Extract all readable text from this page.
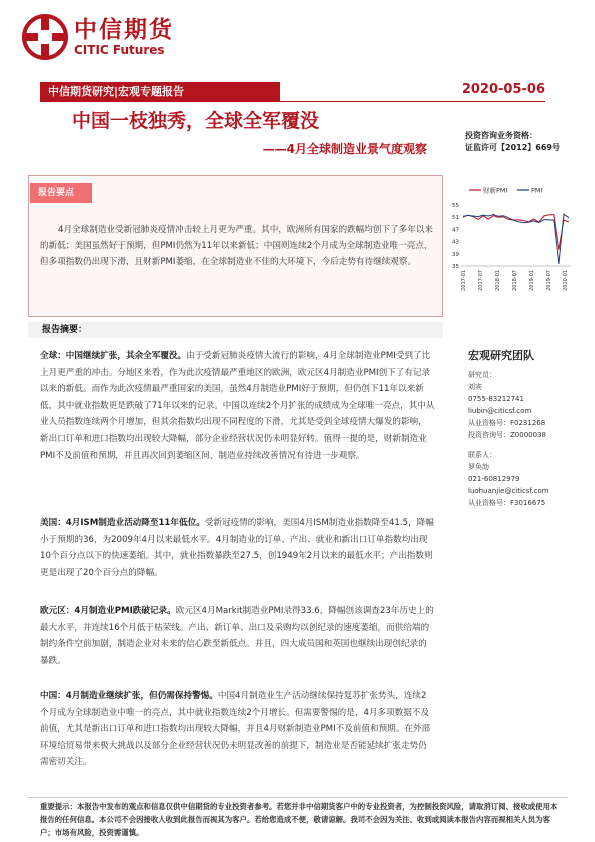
中信期货
CITIC Futures
中信期货研究|宏观专题报告	2020-05-06
中国一枝独秀，全球全军覆没
——4月全球制造业景气度观察
投资咨询业务资格：
证监许可【2012】669号
报告要点
4月全球制造业受新冠肺炎疫情冲击较上月更为严重。其中，欧洲所有国家的跌幅均创下了多年以来的新低；美国虽然好于预期，但PMI仍然为11年以来新低；中国则连续2个月成为全球制造业唯一亮点，但多项指数仍出现下滑，且财新PMI萎缩，在全球制造业不佳的大环境下，今后走势有待继续观察。
财新PMI	PMI
55
51
47
43
39
35
2017-01 2017-07 2018-01 2018-07 2019-01 2019-07 2020-01
报告摘要：
全球：中国继续扩张，其余全军覆没。由于受新冠肺炎疫情大流行的影响，4月全球制造业PMI受到了比上月更严重的冲击。分地区来看，作为此次疫情最严重地区的欧洲，欧元区4月制造业PMI创下了有记录以来的新低。而作为此次疫情最严重国家的美国，虽然4月制造业PMI好于预期，但仍创下11年以来新低，其中就业指数更是跌破了71年以来的记录。中国以连续2个月扩张的成绩成为全球唯一亮点，其中从业人员指数连续两个月增加，但其余指数均出现不同程度的下滑，尤其是受到全球疫情大爆发的影响，新出口订单和进口指数均出现较大降幅，部分企业经营状况仍未明显好转。值得一提的是，财新制造业PMI不及前值和预期，并且再次回到萎缩区间，制造业持续改善情况有待进一步观察。
美国：4月ISM制造业活动降至11年低位。受新冠疫情的影响，美国4月ISM制造业指数降至41.5，降幅小于预期的36，为2009年4月以来最低水平。4月制造业的订单、产出、就业和新出口订单指数均出现10个百分点以下的快速萎缩。其中，就业指数暴跌至27.5，创1949年2月以来的最低水平；产出指数则更是出现了20个百分点的降幅。
欧元区：4月制造业PMI跌破记录。欧元区4月Markit制造业PMI录得33.6，降幅创该调查23年历史上的最大水平，并连续16个月低于枯荣线。产出、新订单、出口及采购均以创纪录的速度萎缩，而供给端的制约条件空前加剧，制造企业对未来的信心跌至新低点。并且，四大成员国和英国也继续出现创纪录的暴跌。
中国：4月制造业继续扩张，但仍需保持警惕。中国4月制造业生产活动继续保持复苏扩张势头，连续2个月成为全球制造业中唯一的亮点，其中就业指数连续2个月增长。但需要警惕的是，4月多项数据不及前值，尤其是新出口订单和进口指数均出现较大降幅，并且4月财新制造业PMI不及前值和预期。在外部环境给贸易带来极大挑战以及部分企业经营状况仍未明显改善的前提下，制造业是否能延续扩张走势仍需密切关注。
宏观研究团队
研究员：
刘宾
0755-83212741
liubin@citicsf.com
从业资格号：F0231268
投资咨询号：Z0000038
联系人：
罗奂劼
021-60812979
luohuanjie@citicsf.com
从业资格号：F3016675
重要提示：本报告中发布的观点和信息仅供中信期货的专业投资者参考。若您并非中信期货客户中的专业投资者，为控制投资风险，请取消订阅、接收或使用本报告的任何信息。本公司不会因接收人收到此报告而视其为客户。若给您造成不便，敬请谅解。我司不会因为关注、收到或阅读本报告内容而视相关人员为客户；市场有风险，投资需谨慎。
